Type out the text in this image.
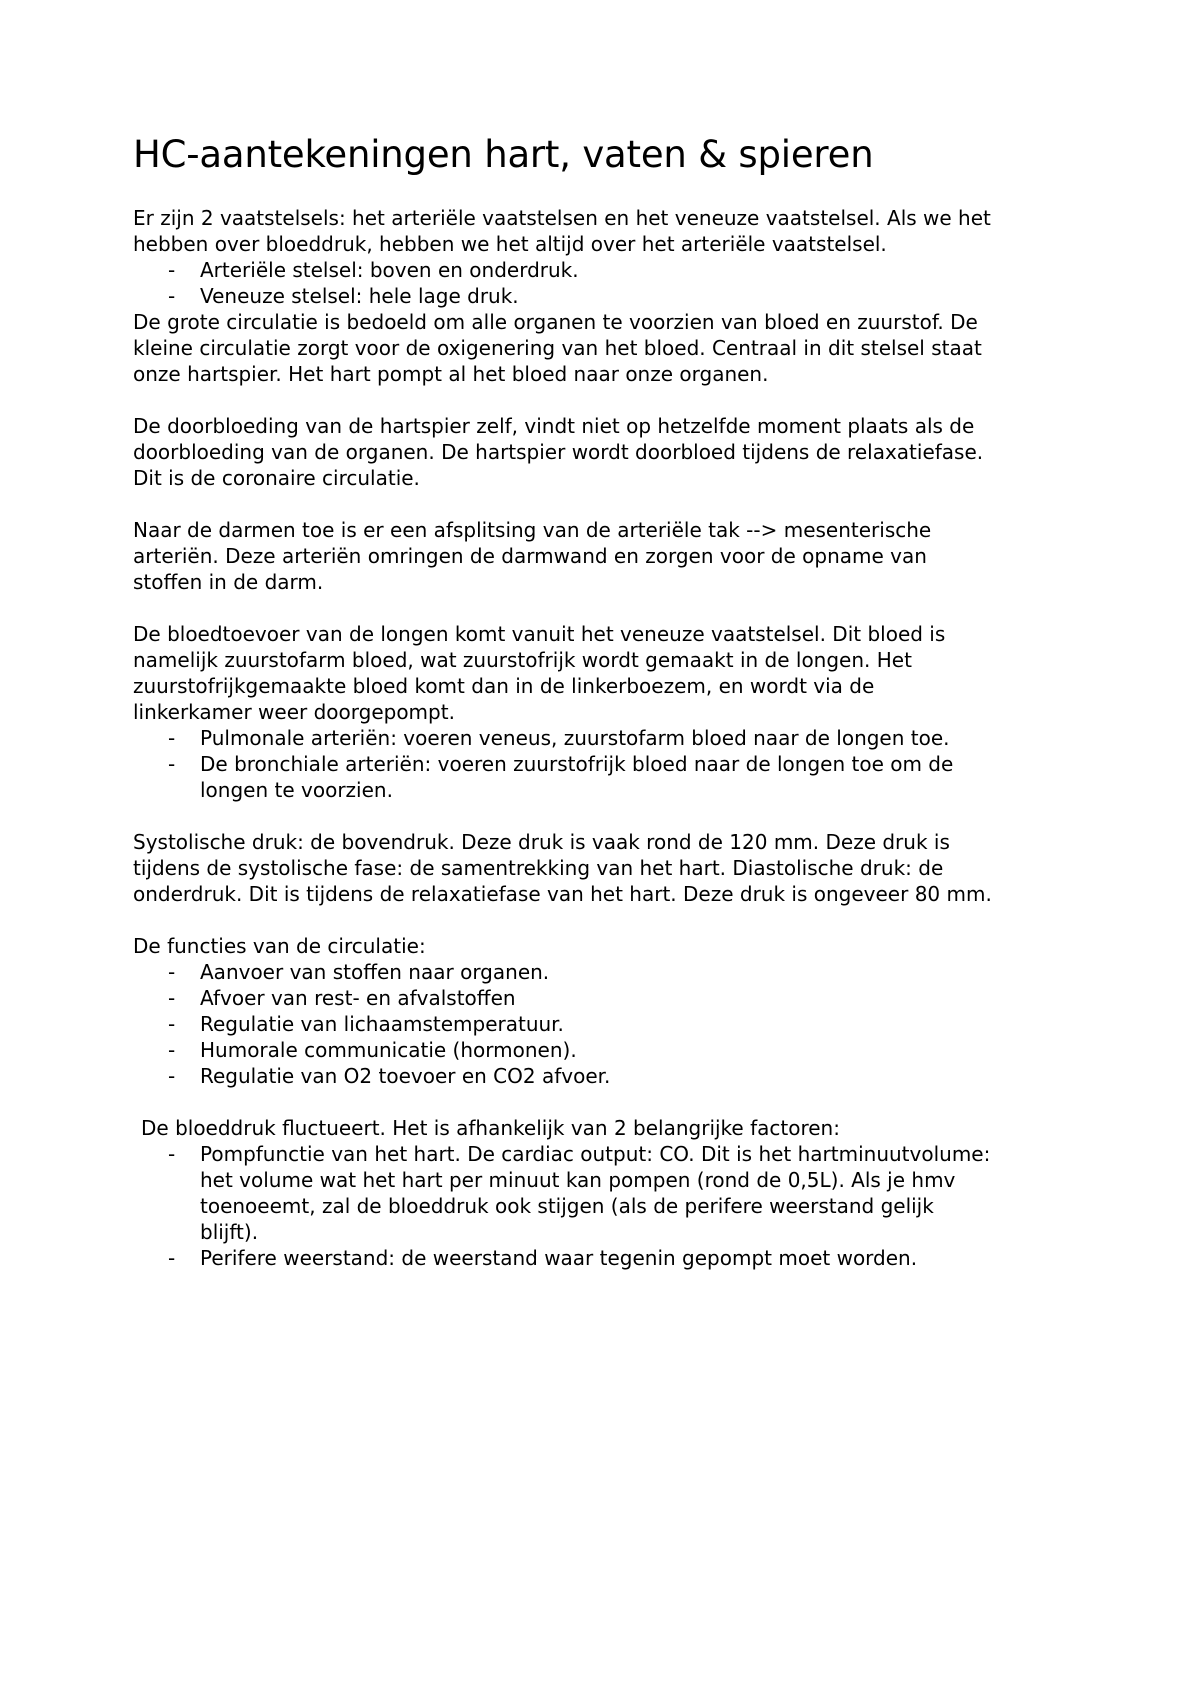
HC-aantekeningen hart, vaten & spieren

Er zijn 2 vaatstelsels: het arteriële vaatstelsen en het veneuze vaatstelsel. Als we het hebben over bloeddruk, hebben we het altijd over het arteriële vaatstelsel.

- Arteriële stelsel: boven en onderdruk.
- Veneuze stelsel: hele lage druk.

De grote circulatie is bedoeld om alle organen te voorzien van bloed en zuurstof. De kleine circulatie zorgt voor de oxigenering van het bloed. Centraal in dit stelsel staat onze hartspier. Het hart pompt al het bloed naar onze organen.

De doorbloeding van de hartspier zelf, vindt niet op hetzelfde moment plaats als de doorbloeding van de organen. De hartspier wordt doorbloed tijdens de relaxatiefase. Dit is de coronaire circulatie.

Naar de darmen toe is er een afsplitsing van de arteriële tak --> mesenterische arteriën. Deze arteriën omringen de darmwand en zorgen voor de opname van stoffen in de darm.

De bloedtoevoer van de longen komt vanuit het veneuze vaatstelsel. Dit bloed is namelijk zuurstofarm bloed, wat zuurstofrijk wordt gemaakt in de longen. Het zuurstofrijkgemaakte bloed komt dan in de linkerboezem, en wordt via de linkerkamer weer doorgepompt.

- Pulmonale arteriën: voeren veneus, zuurstofarm bloed naar de longen toe.
- De bronchiale arteriën: voeren zuurstofrijk bloed naar de longen toe om de longen te voorzien.

Systolische druk: de bovendruk. Deze druk is vaak rond de 120 mm. Deze druk is tijdens de systolische fase: de samentrekking van het hart. Diastolische druk: de onderdruk. Dit is tijdens de relaxatiefase van het hart. Deze druk is ongeveer 80 mm.

De functies van de circulatie:

- Aanvoer van stoffen naar organen.
- Afvoer van rest- en afvalstoffen
- Regulatie van lichaamstemperatuur.
- Humorale communicatie (hormonen).
- Regulatie van O2 toevoer en CO2 afvoer.

De bloeddruk fluctueert. Het is afhankelijk van 2 belangrijke factoren:

- Pompfunctie van het hart. De cardiac output: CO. Dit is het hartminuutvolume: het volume wat het hart per minuut kan pompen (rond de 0,5L). Als je hmv toenoeemt, zal de bloeddruk ook stijgen (als de perifere weerstand gelijk blijft).
- Perifere weerstand: de weerstand waar tegenin gepompt moet worden.
